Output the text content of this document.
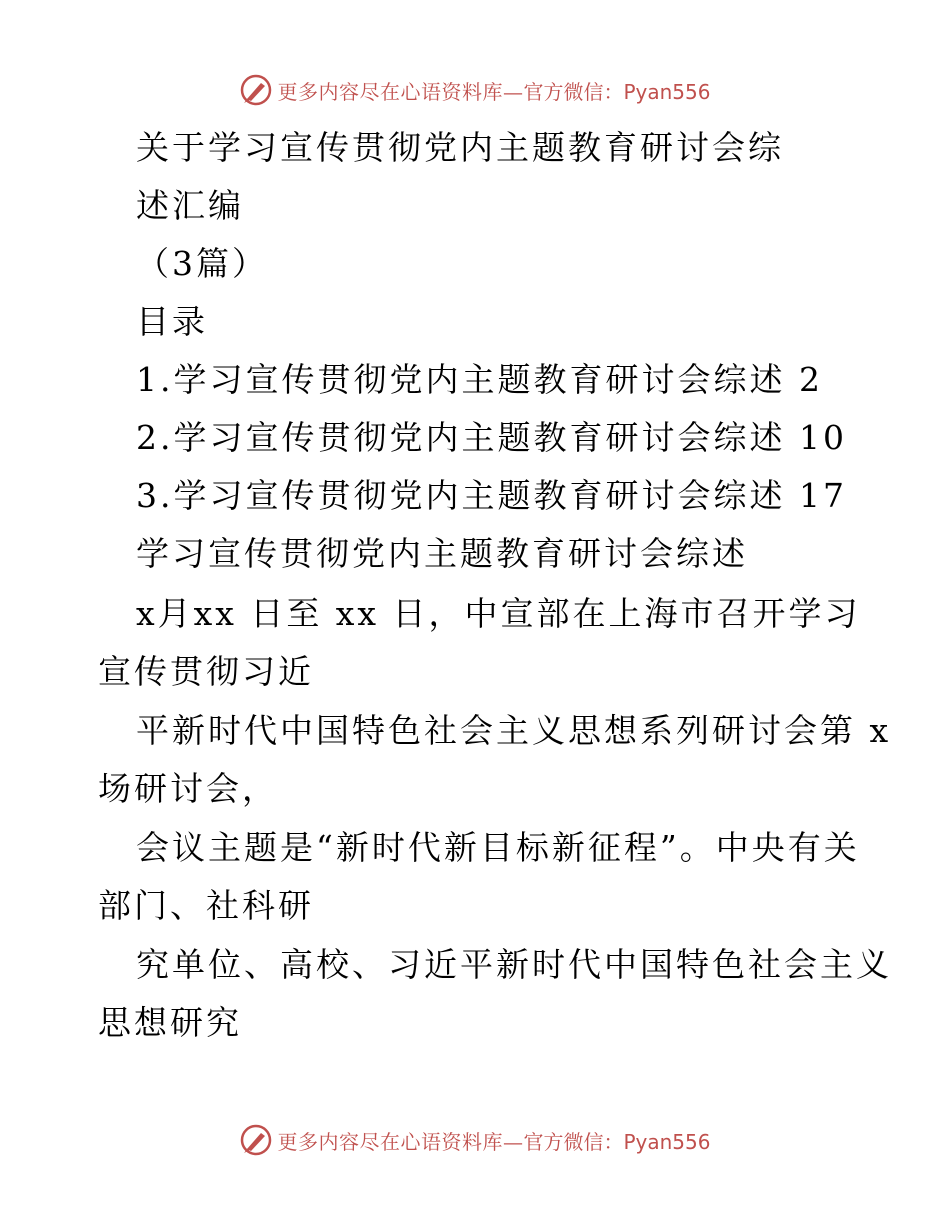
更多内容尽在心语资料库— 官方微信：Pyan556
关于学习宣传贯彻党内主题教育研讨会综
述汇编
（3篇）
目录
1.学习宣传贯彻党内主题教育研讨会综述 2
2.学习宣传贯彻党内主题教育研讨会综述 10
3.学习宣传贯彻党内主题教育研讨会综述 17
学习宣传贯彻党内主题教育研讨会综述
x月xx 日至 xx 日，中宣部在上海市召开学习
宣传贯彻习近
平新时代中国特色社会主义思想系列研讨会第 x
场研讨会，
会议主题是“新时代新目标新征程”。中央有关
部门、社科研
究单位、高校、习近平新时代中国特色社会主义
思想研究
更多内容尽在心语资料库— 官方微信：Pyan556
